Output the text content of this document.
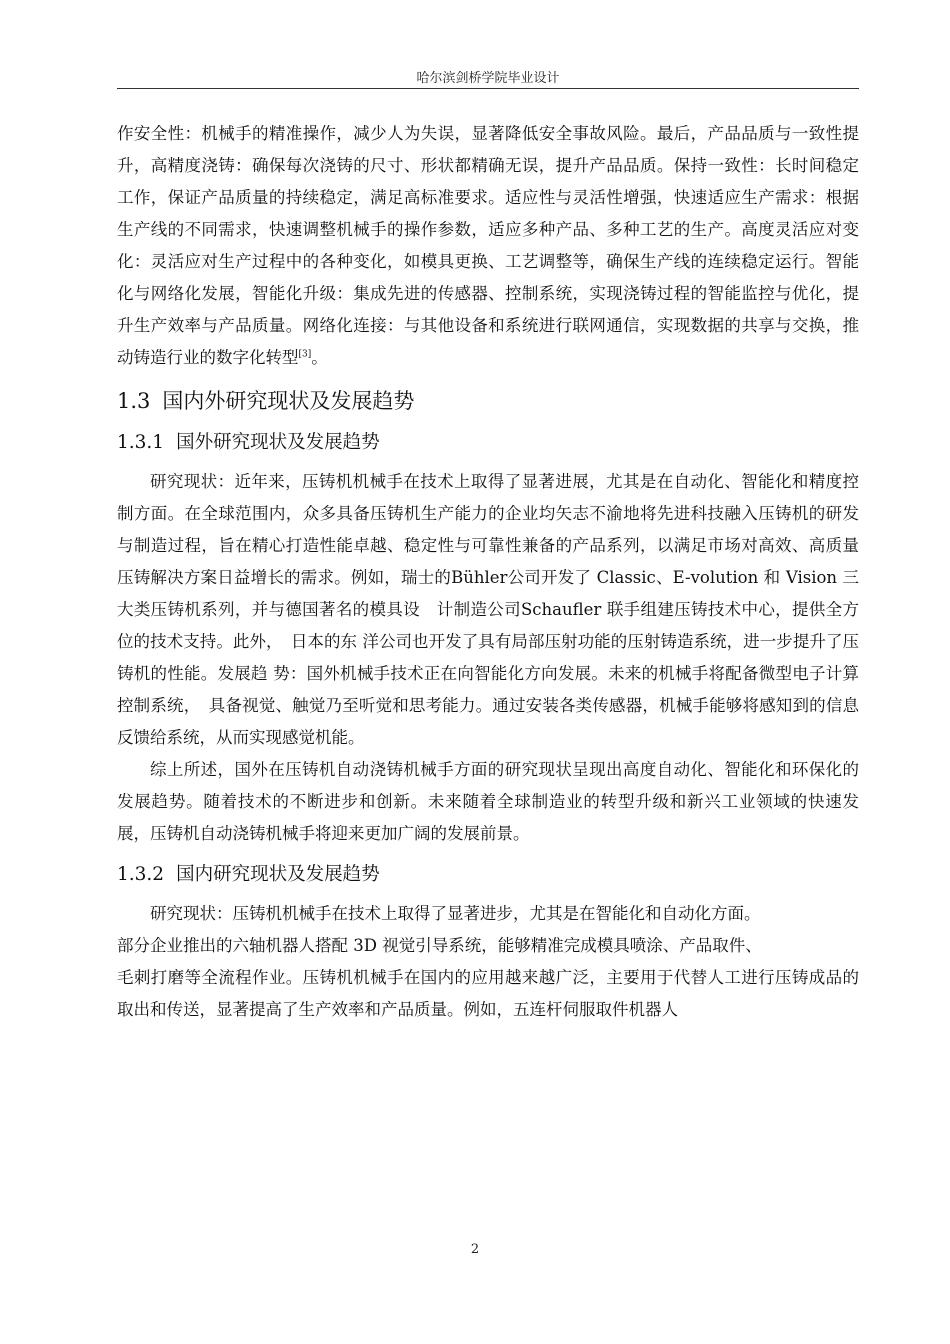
哈尔滨剑桥学院毕业设计

作安全性：机械手的精准操作，减少人为失误，显著降低安全事故风险。最后，产品品质与一致性提升，高精度浇铸：确保每次浇铸的尺寸、形状都精确无误，提升产品品质。保持一致性：长时间稳定工作，保证产品质量的持续稳定，满足高标准要求。适应性与灵活性增强，快速适应生产需求：根据生产线的不同需求，快速调整机械手的操作参数，适应多种产品、多种工艺的生产。高度灵活应对变化：灵活应对生产过程中的各种变化，如模具更换、工艺调整等，确保生产线的连续稳定运行。智能化与网络化发展，智能化升级：集成先进的传感器、控制系统，实现浇铸过程的智能监控与优化，提升生产效率与产品质量。网络化连接：与其他设备和系统进行联网通信，实现数据的共享与交换，推动铸造行业的数字化转型[3]。

1.3 国内外研究现状及发展趋势
1.3.1 国外研究现状及发展趋势

研究现状：近年来，压铸机机械手在技术上取得了显著进展，尤其是在自动化、智能化和精度控制方面。在全球范围内，众多具备压铸机生产能力的企业均矢志不渝地将先进科技融入压铸机的研发与制造过程，旨在精心打造性能卓越、稳定性与可靠性兼备的产品系列，以满足市场对高效、高质量压铸解决方案日益增长的需求。例如，瑞士的Bühler公司开发了 Classic、E-volution 和 Vision 三大类压铸机系列，并与德国著名的模具设　计制造公司Schaufler 联手组建压铸技术中心，提供全方位的技术支持。此外，　日本的东 洋公司也开发了具有局部压射功能的压射铸造系统，进一步提升了压铸机的性能。发展趋 势：国外机械手技术正在向智能化方向发展。未来的机械手将配备微型电子计算控制系统，　具备视觉、触觉乃至听觉和思考能力。通过安装各类传感器，机械手能够将感知到的信息 反馈给系统，从而实现感觉机能。

综上所述，国外在压铸机自动浇铸机械手方面的研究现状呈现出高度自动化、智能化和环保化的发展趋势。随着技术的不断进步和创新。未来随着全球制造业的转型升级和新兴工业领域的快速发展，压铸机自动浇铸机械手将迎来更加广阔的发展前景。

1.3.2 国内研究现状及发展趋势

研究现状：压铸机机械手在技术上取得了显著进步，尤其是在智能化和自动化方面。

部分企业推出的六轴机器人搭配 3D 视觉引导系统，能够精准完成模具喷涂、产品取件、

毛刺打磨等全流程作业。压铸机机械手在国内的应用越来越广泛，主要用于代替人工进行压铸成品的取出和传送，显著提高了生产效率和产品质量。例如，五连杆伺服取件机器人

2
